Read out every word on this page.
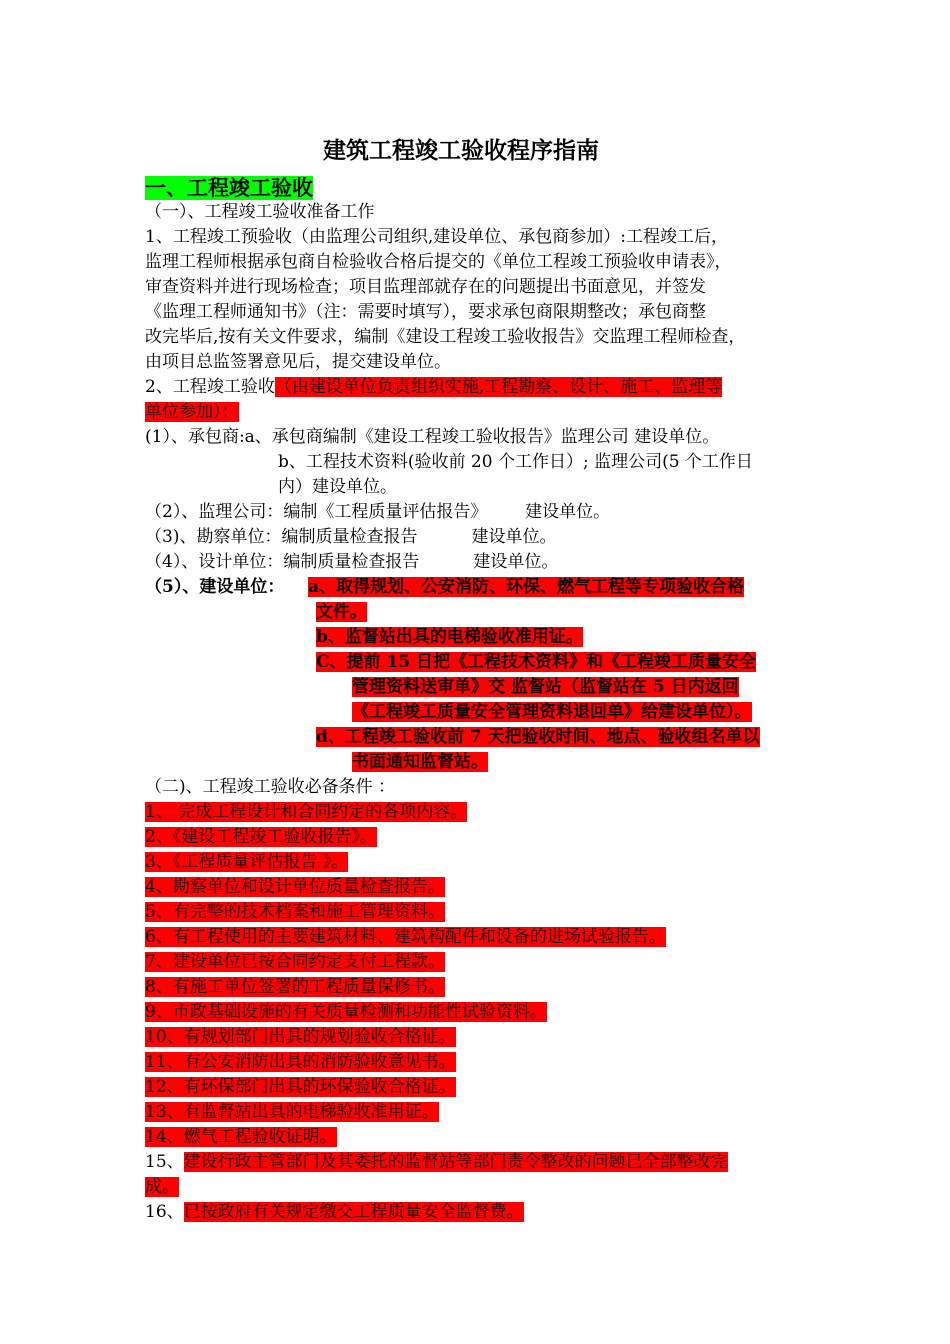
建筑工程竣工验收程序指南
一、工程竣工验收
（一）、工程竣工验收准备工作
1、工程竣工预验收（由监理公司组织,建设单位、承包商参加）:工程竣工后，
监理工程师根据承包商自检验收合格后提交的《单位工程竣工预验收申请表》，
审查资料并进行现场检查；项目监理部就存在的问题提出书面意见，并签发
《监理工程师通知书》（注：需要时填写），要求承包商限期整改；承包商整
改完毕后,按有关文件要求，编制《建设工程竣工验收报告》交监理工程师检查，
由项目总监签署意见后，提交建设单位。
2、工程竣工验收（由建设单位负责组织实施,工程勘察、设计、施工、监理等
单位参加）：
(1）、承包商:a、承包商编制《建设工程竣工验收报告》监理公司 建设单位。
b、工程技术资料(验收前 20 个工作日）; 监理公司(5 个工作日
内）建设单位。
（2）、监理公司：编制《工程质量评估报告》       建设单位。
（3)、勘察单位：编制质量检查报告          建设单位。
（4）、设计单位：编制质量检查报告          建设单位。
（5）、建设单位： a、取得规划、公安消防、环保、燃气工程等专项验收合格
文件。
b、监督站出具的电梯验收准用证。
C、提前 15 日把《工程技术资料》和《工程竣工质量安全
管理资料送审单》交 监督站（监督站在 5 日内返回
《工程竣工质量安全管理资料退回单》给建设单位）。
d、工程竣工验收前 7 天把验收时间、地点、验收组名单以
书面通知监督站。
（二)、工程竣工验收必备条件 ：
1、 完成工程设计和合同约定的各项内容。
2、《建设工程竣工验收报告》。
3、《工程质量评估报告 》。
4、勘察单位和设计单位质量检查报告。
5、有完整的技术档案和施工管理资料。
6、有工程使用的主要建筑材料、建筑构配件和设备的进场试验报告。
7、建设单位已按合同约定支付工程款。
8、有施工单位签署的工程质量保修书。
9、市政基础设施的有关质量检测和功能性试验资料。
10、有规划部门出具的规划验收合格证。
11、有公安消防出具的消防验收意见书。
12、有环保部门出具的环保验收合格证。
13、有监督站出具的电梯验收准用证。
14、燃气工程验收证明。
15、建设行政主管部门及其委托的监督站等部门责令整改的问题已全部整改完
成。
16、已按政府有关规定缴交工程质量安全监督费。
